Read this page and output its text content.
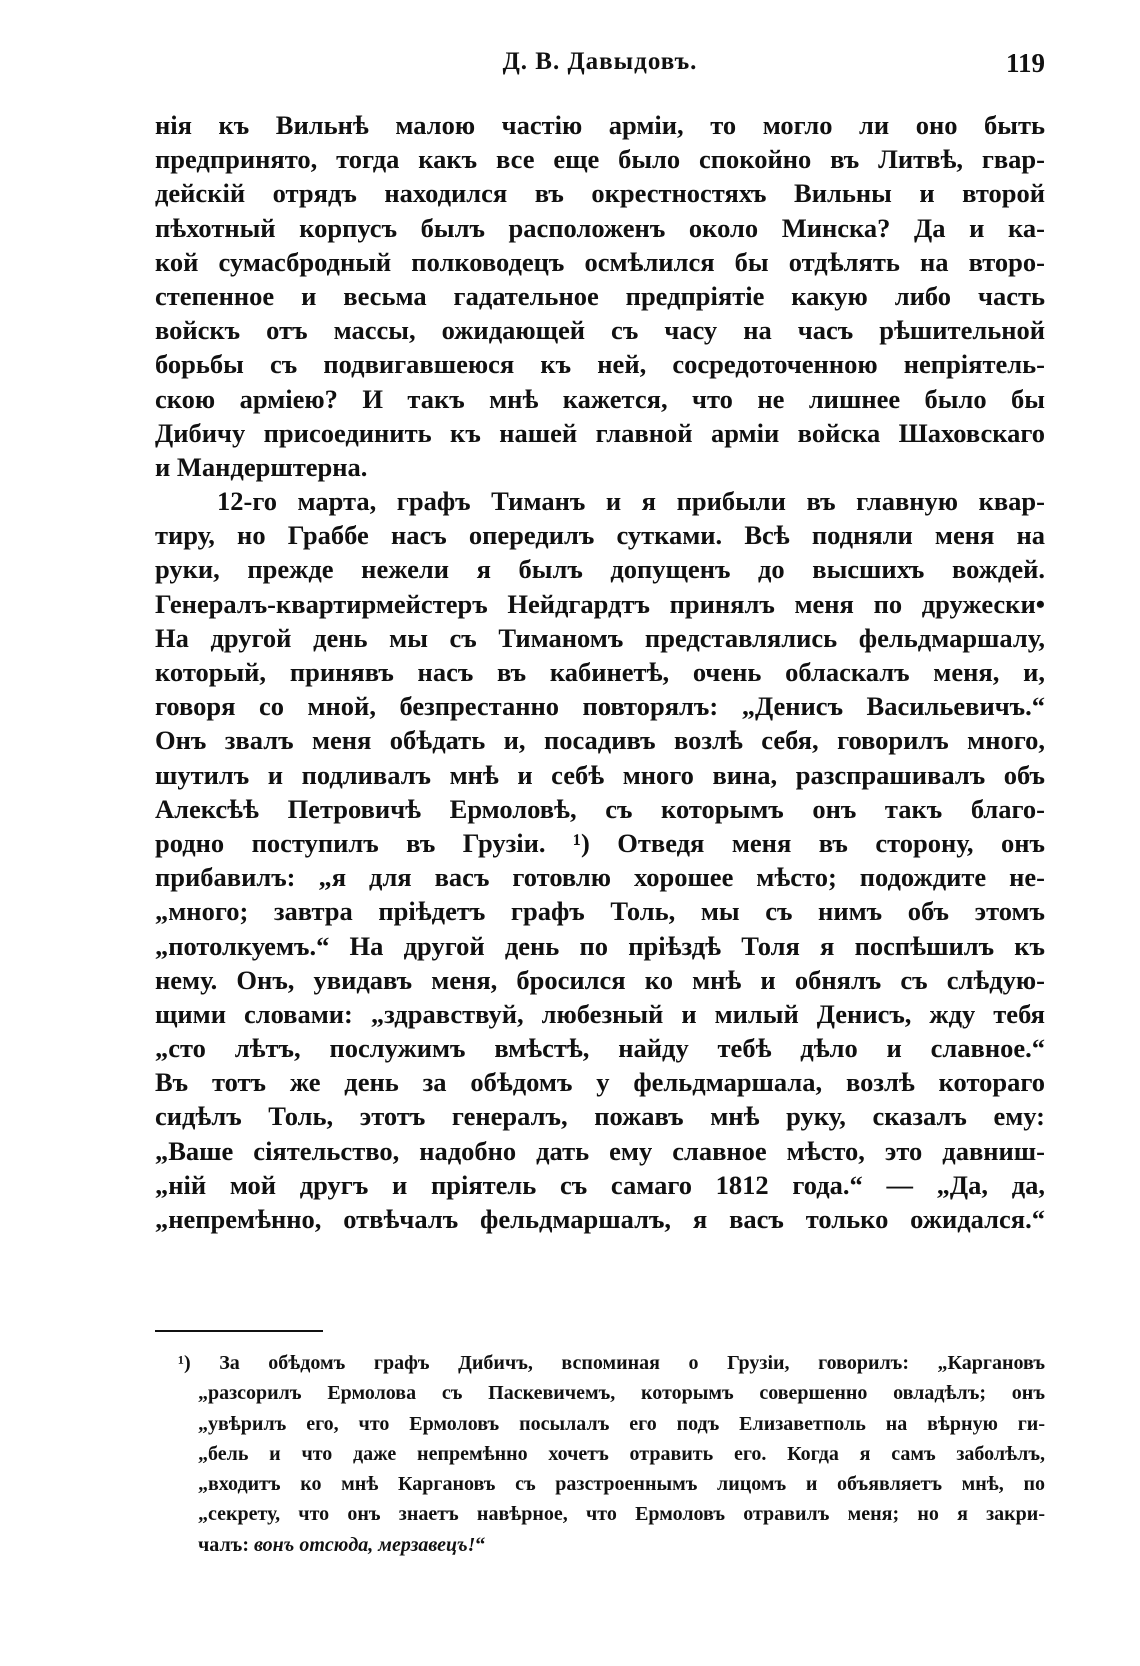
Д. В. Давыдовъ.	119
нія къ Вильнѣ малою частію арміи, то могло ли оно быть
предпринято, тогда какъ все еще было спокойно въ Литвѣ, гвар-
дейскій отрядъ находился въ окрестностяхъ Вильны и второй
пѣхотный корпусъ былъ расположенъ около Минска? Да и ка-
кой сумасбродный полководецъ осмѣлился бы отдѣлять на второ-
степенное и весьма гадательное предпріятіе какую либо часть
войскъ отъ массы, ожидающей съ часу на часъ рѣшительной
борьбы съ подвигавшеюся къ ней, сосредоточенною непріятель-
скою арміею? И такъ мнѣ кажется, что не лишнее было бы
Дибичу присоединить къ нашей главной арміи войска Шаховскаго
и Мандерштерна.
12-го марта, графъ Тиманъ и я прибыли въ главную квар-
тиру, но Граббе насъ опередилъ сутками. Всѣ подняли меня на
руки, прежде нежели я былъ допущенъ до высшихъ вождей.
Генералъ-квартирмейстеръ Нейдгардтъ принялъ меня по дружески•
На другой день мы съ Тиманомъ представлялись фельдмаршалу,
который, принявъ насъ въ кабинетѣ, очень обласкалъ меня, и,
говоря со мной, безпрестанно повторялъ: „Денисъ Васильевичъ.“
Онъ звалъ меня обѣдать и, посадивъ возлѣ себя, говорилъ много,
шутилъ и подливалъ мнѣ и себѣ много вина, разспрашивалъ объ
Алексѣѣ Петровичѣ Ермоловѣ, съ которымъ онъ такъ благо-
родно поступилъ въ Грузіи. ¹) Отведя меня въ сторону, онъ
прибавилъ: „я для васъ готовлю хорошее мѣсто; подождите не-
„много; завтра пріѣдетъ графъ Толь, мы съ нимъ объ этомъ
„потолкуемъ.“ На другой день по пріѣздѣ Толя я поспѣшилъ къ
нему. Онъ, увидавъ меня, бросился ко мнѣ и обнялъ съ слѣдую-
щими словами: „здравствуй, любезный и милый Денисъ, жду тебя
„сто лѣтъ, послужимъ вмѣстѣ, найду тебѣ дѣло и славное.“
Въ тотъ же день за обѣдомъ у фельдмаршала, возлѣ котораго
сидѣлъ Толь, этотъ генералъ, пожавъ мнѣ руку, сказалъ ему:
„Ваше сіятельство, надобно дать ему славное мѣсто, это давниш-
„ній мой другъ и пріятель съ самаго 1812 года.“ — „Да, да,
„непремѣнно, отвѣчалъ фельдмаршалъ, я васъ только ожидался.“
¹) За обѣдомъ графъ Дибичъ, вспоминая о Грузіи, говорилъ: „Каргановъ
„разсорилъ Ермолова съ Паскевичемъ, которымъ совершенно овладѣлъ; онъ
„увѣрилъ его, что Ермоловъ посылалъ его подъ Елизаветполь на вѣрную ги-
„бель и что даже непремѣнно хочетъ отравить его. Когда я самъ заболѣлъ,
„входитъ ко мнѣ Каргановъ съ разстроеннымъ лицомъ и объявляетъ мнѣ, по
„секрету, что онъ знаетъ навѣрное, что Ермоловъ отравилъ меня; но я закри-
чалъ: вонъ отсюда, мерзавецъ!“
